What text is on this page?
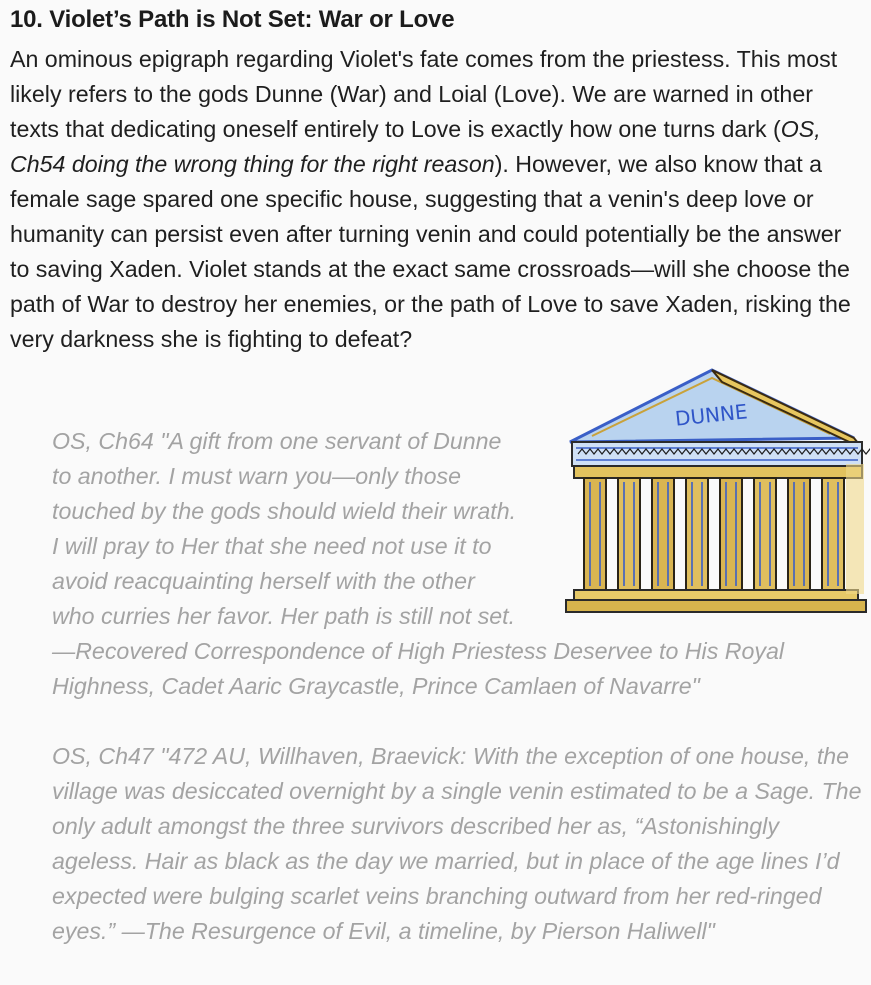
10. Violet’s Path is Not Set: War or Love

An ominous epigraph regarding Violet's fate comes from the priestess. This most likely refers to the gods Dunne (War) and Loial (Love). We are warned in other texts that dedicating oneself entirely to Love is exactly how one turns dark (OS, Ch54 doing the wrong thing for the right reason). However, we also know that a female sage spared one specific house, suggesting that a venin's deep love or humanity can persist even after turning venin and could potentially be the answer to saving Xaden. Violet stands at the exact same crossroads—will she choose the path of War to destroy her enemies, or the path of Love to save Xaden, risking the very darkness she is fighting to defeat?

OS, Ch64 "A gift from one servant of Dunne
to another. I must warn you—only those
touched by the gods should wield their wrath.
I will pray to Her that she need not use it to
avoid reacquainting herself with the other
who curries her favor. Her path is still not set.
—Recovered Correspondence of High Priestess Deservee to His Royal
Highness, Cadet Aaric Graycastle, Prince Camlaen of Navarre"
DUNNE

OS, Ch47 "472 AU, Willhaven, Braevick: With the exception of one house, the village was desiccated overnight by a single venin estimated to be a Sage. The only adult amongst the three survivors described her as, “Astonishingly ageless. Hair as black as the day we married, but in place of the age lines I’d expected were bulging scarlet veins branching outward from her red-ringed eyes.” —The Resurgence of Evil, a timeline, by Pierson Haliwell"
